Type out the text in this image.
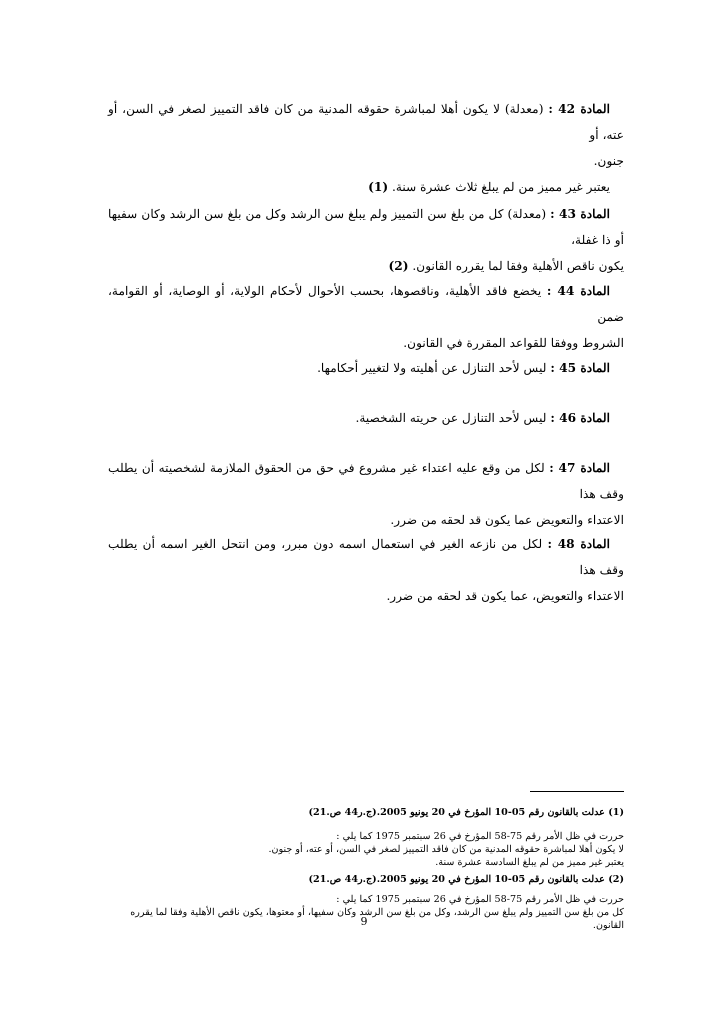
المادة 42 : (معدلة) لا يكون أهلا لمباشرة حقوقه المدنية من كان فاقد التمييز لصغر في السن، أو عته، أو

جنون.

يعتبر غير مميز من لم يبلغ ثلاث عشرة سنة. (1)

المادة 43 : (معدلة) كل من بلغ سن التمييز ولم يبلغ سن الرشد وكل من بلغ سن الرشد وكان سفيها أو ذا غفلة،

يكون ناقص الأهلية وفقا لما يقرره القانون. (2)

المادة 44 : يخضع فاقد الأهلية، وناقصوها، بحسب الأحوال لأحكام الولاية، أو الوصاية، أو القوامة، ضمن

الشروط ووفقا للقواعد المقررة في القانون.

المادة 45 : ليس لأحد التنازل عن أهليته ولا لتغيير أحكامها.

المادة 46 : ليس لأحد التنازل عن حريته الشخصية.

المادة 47 : لكل من وقع عليه اعتداء غير مشروع في حق من الحقوق الملازمة لشخصيته أن يطلب وقف هذا

الاعتداء والتعويض عما يكون قد لحقه من ضرر.

المادة 48 : لكل من نازعه الغير في استعمال اسمه دون مبرر، ومن انتحل الغير اسمه أن يطلب وقف هذا

الاعتداء والتعويض، عما يكون قد لحقه من ضرر.

(1) عدلت بالقانون رقم 05-10 المؤرخ في 20 يونيو 2005.(ج.ر44 ص.21)

حررت في ظل الأمر رقم 75-58 المؤرخ في 26 سبتمبر 1975 كما يلي :

لا يكون أهلا لمباشرة حقوقه المدنية من كان فاقد التمييز لصغر في السن، أو عته، أو جنون.

يعتبر غير مميز من لم يبلغ السادسة عشرة سنة.

(2) عدلت بالقانون رقم 05-10 المؤرخ في 20 يونيو 2005.(ج.ر44 ص.21)

حررت في ظل الأمر رقم 75-58 المؤرخ في 26 سبتمبر 1975 كما يلي :

كل من بلغ سن التمييز ولم يبلغ سن الرشد، وكل من بلغ سن الرشد وكان سفيها، أو معتوها، يكون ناقص الأهلية وفقا لما يقرره القانون.

9
